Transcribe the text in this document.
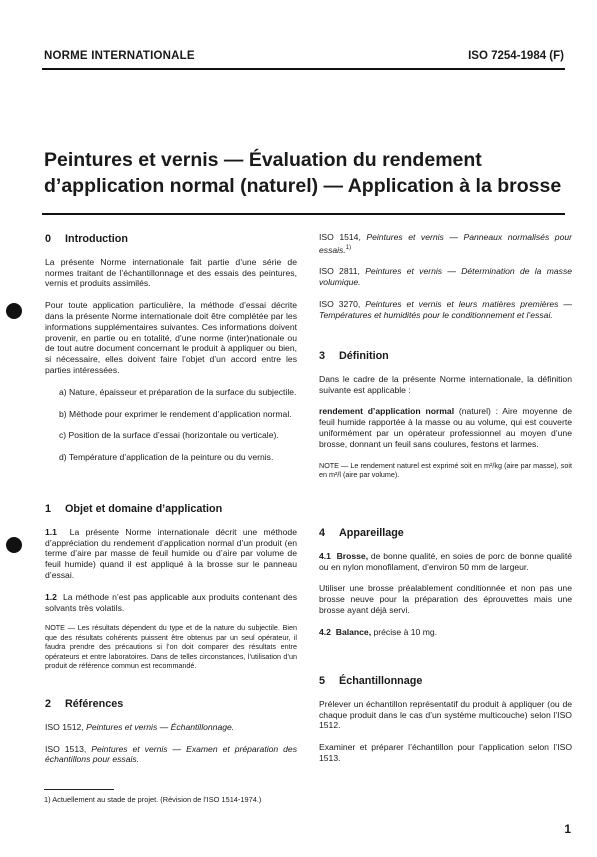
NORME INTERNATIONALE	ISO 7254-1984 (F)
Peintures et vernis — Évaluation du rendement
d’application normal (naturel) — Application à la brosse
0 Introduction

La présente Norme internationale fait partie d’une série de normes traitant de l’échantillonnage et des essais des peintures, vernis et produits assimilés.

Pour toute application particulière, la méthode d’essai décrite dans la présente Norme internationale doit être complétée par les informations supplémentaires suivantes. Ces informations doivent provenir, en partie ou en totalité, d’une norme (inter)nationale ou de tout autre document concernant le produit à appliquer ou bien, si nécessaire, elles doivent faire l’objet d’un accord entre les parties intéressées.

a) Nature, épaisseur et préparation de la surface du subjectile.

b) Méthode pour exprimer le rendement d’application normal.

c) Position de la surface d’essai (horizontale ou verticale).

d) Température d’application de la peinture ou du vernis.

1 Objet et domaine d’application

1.1 La présente Norme internationale décrit une méthode d’appréciation du rendement d’application normal d’un produit (en terme d’aire par masse de feuil humide ou d’aire par volume de feuil humide) quand il est appliqué à la brosse sur le panneau d’essai.

1.2 La méthode n’est pas applicable aux produits contenant des solvants très volatils.

NOTE — Les résultats dépendent du type et de la nature du subjectile. Bien que des résultats cohérents puissent être obtenus par un seul opérateur, il faudra prendre des précautions si l’on doit comparer des résultats entre opérateurs et entre laboratoires. Dans de telles circonstances, l’utilisation d’un produit de référence commun est recommandé.

2 Références

ISO 1512, Peintures et vernis — Échantillonnage.

ISO 1513, Peintures et vernis — Examen et préparation des échantillons pour essais.

ISO 1514, Peintures et vernis — Panneaux normalisés pour essais.$^{1)}$

ISO 2811, Peintures et vernis — Détermination de la masse volumique.

ISO 3270, Peintures et vernis et leurs matières premières — Températures et humidités pour le conditionnement et l’essai.

3 Définition

Dans le cadre de la présente Norme internationale, la définition suivante est applicable :

rendement d’application normal (naturel) : Aire moyenne de feuil humide rapportée à la masse ou au volume, qui est couverte uniformément par un opérateur professionnel au moyen d’une brosse, donnant un feuil sans coulures, festons et larmes.

NOTE — Le rendement naturel est exprimé soit en m²/kg (aire par masse), soit en m²/l (aire par volume).

4 Appareillage

4.1 Brosse, de bonne qualité, en soies de porc de bonne qualité ou en nylon monofilament, d’environ 50 mm de largeur.

Utiliser une brosse préalablement conditionnée et non pas une brosse neuve pour la préparation des éprouvettes mais une brosse ayant déjà servi.

4.2 Balance, précise à 10 mg.

5 Échantillonnage

Prélever un échantillon représentatif du produit à appliquer (ou de chaque produit dans le cas d’un système multicouche) selon l’ISO 1512.

Examiner et préparer l’échantillon pour l’application selon l’ISO 1513.

1) Actuellement au stade de projet. (Révision de l’ISO 1514-1974.)
1
